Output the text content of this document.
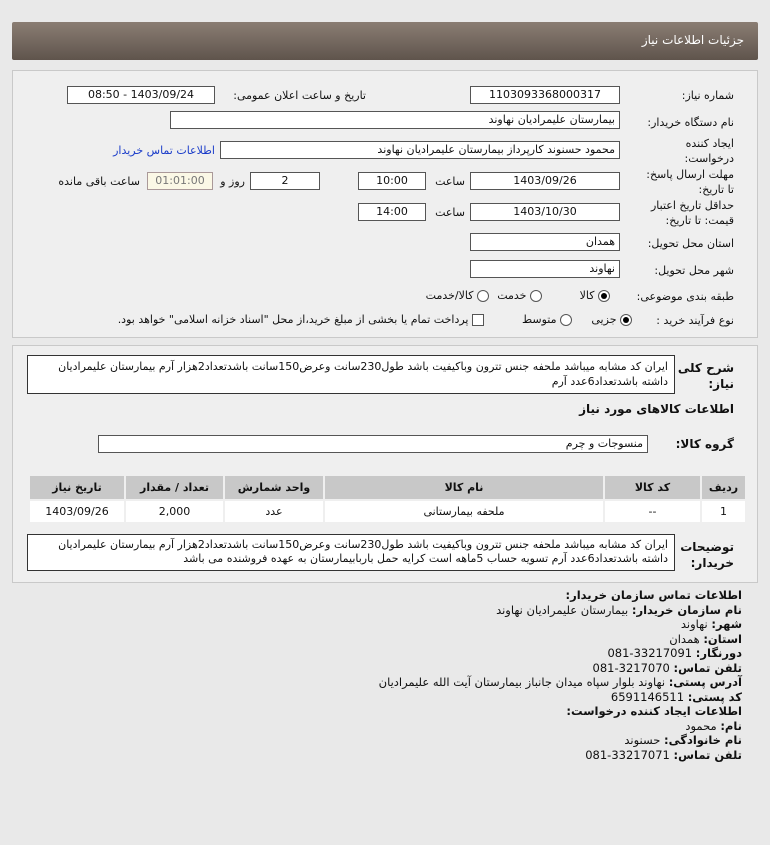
جزئیات اطلاعات نیاز
شماره نیاز:
1103093368000317
تاریخ و ساعت اعلان عمومی:
1403/09/24 - 08:50
نام دستگاه خریدار:
بیمارستان علیمرادیان نهاوند
ایجاد کننده
درخواست:
محمود حسنوند کارپرداز بیمارستان علیمرادیان نهاوند
اطلاعات تماس خریدار
مهلت ارسال پاسخ:
تا تاریخ:
1403/09/26
ساعت
10:00
2
روز و
01:01:00
ساعت باقی مانده
حداقل تاریخ اعتبار
قیمت: تا تاریخ:
1403/10/30
ساعت
14:00
استان محل تحویل:
همدان
شهر محل تحویل:
نهاوند
طبقه بندی موضوعی:
کالا
خدمت
کالا/خدمت
نوع فرآیند خرید :
جزیی
متوسط
پرداخت تمام یا بخشی از مبلغ خرید،از محل "اسناد خزانه اسلامی" خواهد بود.
شرح کلی
نیاز:
ایران کد مشابه میباشد ملحفه جنس تترون وباکیفیت باشد طول230سانت وعرض150سانت باشدتعداد2هزار آرم بیمارستان علیمرادیان داشته باشدتعداد6عدد آرم
اطلاعات کالاهای مورد نیاز
گروه کالا:
منسوجات و چرم
ردیف	کد کالا	نام کالا	واحد شمارش	تعداد / مقدار	تاریخ نیاز
1	--	ملحفه بیمارستانی	عدد	2,000	1403/09/26
توضیحات
خریدار:
ایران کد مشابه میباشد ملحفه جنس تترون وباکیفیت باشد طول230سانت وعرض150سانت باشدتعداد2هزار آرم بیمارستان علیمرادیان داشته باشدتعداد6عدد آرم تسویه حساب 5ماهه است کرایه حمل باربابیمارستان به عهده فروشنده می باشد
اطلاعات تماس سازمان خریدار:
نام سازمان خریدار: بیمارستان علیمرادیان نهاوند
شهر: نهاوند
استان: همدان
دورنگار: 081-33217091
تلفن تماس: 081-3217070
آدرس پستی: نهاوند بلوار سپاه میدان جانباز بیمارستان آیت الله علیمرادیان
کد پستی: 6591146511
اطلاعات ایجاد کننده درخواست:
نام: محمود
نام خانوادگی: حسنوند
تلفن تماس: 081-33217071
